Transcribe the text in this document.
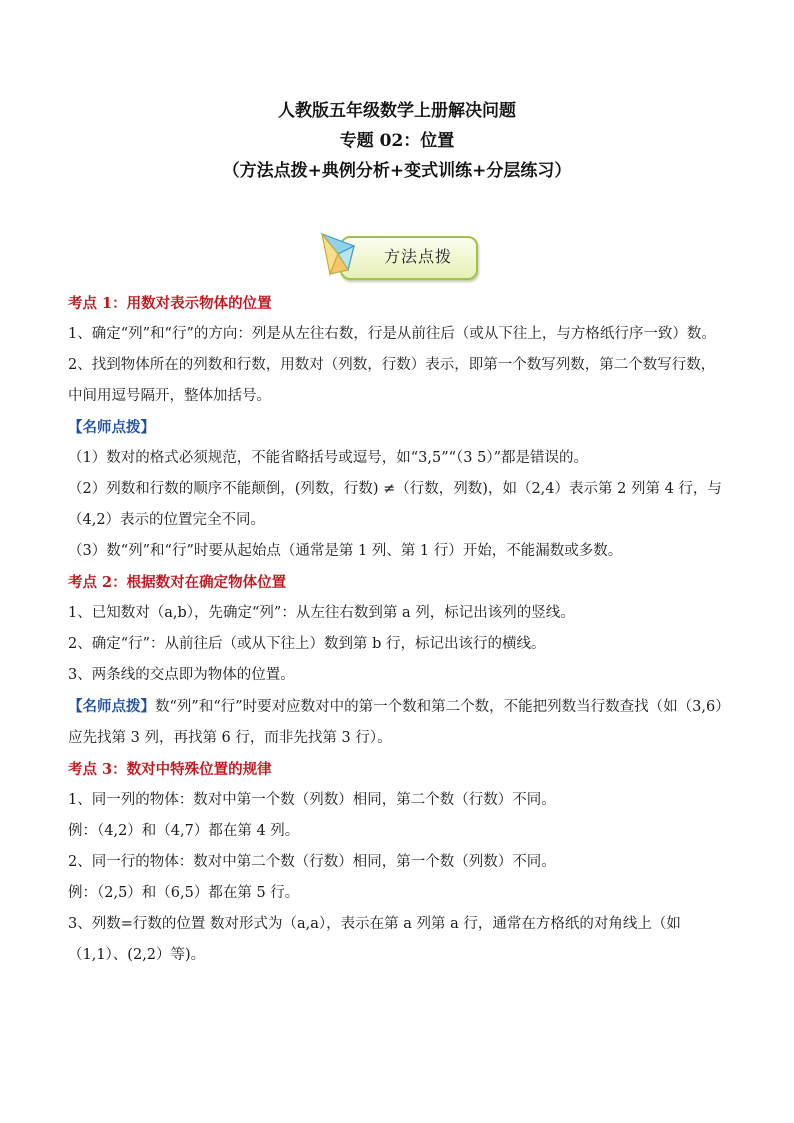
人教版五年级数学上册解决问题
专题 02：位置
（方法点拨+典例分析+变式训练+分层练习）
方法点拨

考点 1：用数对表示物体的位置

1、确定“列”和“行”的方向：列是从左往右数，行是从前往后（或从下往上，与方格纸行序一致）数。

2、找到物体所在的列数和行数，用数对（列数，行数）表示，即第一个数写列数，第二个数写行数，中间用逗号隔开，整体加括号。

【名师点拨】

（1）数对的格式必须规范，不能省略括号或逗号，如“3,5”“（3 5）”都是错误的。

（2）列数和行数的顺序不能颠倒，(列数，行数) ≠（行数，列数)，如（2,4）表示第 2 列第 4 行，与（4,2）表示的位置完全不同。

（3）数“列”和“行”时要从起始点（通常是第 1 列、第 1 行）开始，不能漏数或多数。

考点 2：根据数对在确定物体位置

1、已知数对（a,b），先确定“列”：从左往右数到第 a 列，标记出该列的竖线。

2、确定“行”：从前往后（或从下往上）数到第 b 行，标记出该行的横线。

3、两条线的交点即为物体的位置。

【名师点拨】数“列”和“行”时要对应数对中的第一个数和第二个数，不能把列数当行数查找（如（3,6）应先找第 3 列，再找第 6 行，而非先找第 3 行）。

考点 3：数对中特殊位置的规律

1、同一列的物体：数对中第一个数（列数）相同，第二个数（行数）不同。

例：（4,2）和（4,7）都在第 4 列。

2、同一行的物体：数对中第二个数（行数）相同，第一个数（列数）不同。

例：（2,5）和（6,5）都在第 5 行。

3、列数=行数的位置 数对形式为（a,a），表示在第 a 列第 a 行，通常在方格纸的对角线上（如（1,1）、(2,2）等)。
